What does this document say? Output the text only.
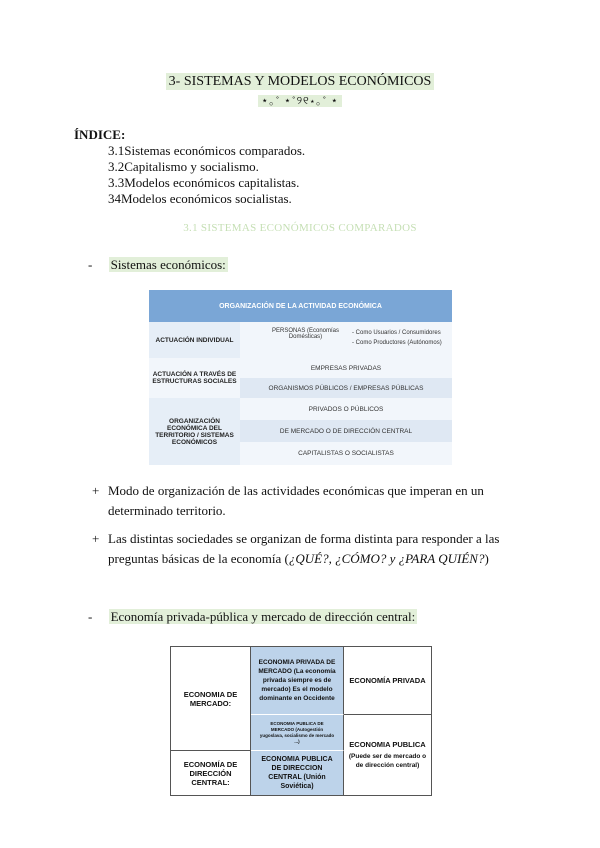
3- SISTEMAS Y MODELOS ECONÓMICOS
⋆｡˚ ⋆˚୨୧⋆｡˚ ⋆
ÍNDICE:
3.1Sistemas económicos comparados.
3.2Capitalismo y socialismo.
3.3Modelos económicos capitalistas.
34Modelos económicos socialistas.
3.1 SISTEMAS ECONÓMICOS COMPARADOS
-     Sistemas económicos:
ORGANIZACIÓN DE LA ACTIVIDAD ECONÓMICA
ACTUACIÓN INDIVIDUAL
PERSONAS (Economías Domésticas)
- Como Usuarios / Consumidores
- Como Productores (Autónomos)
ACTUACIÓN A TRAVÉS DE ESTRUCTURAS SOCIALES
EMPRESAS PRIVADAS
ORGANISMOS PÚBLICOS / EMPRESAS PÚBLICAS
ORGANIZACIÓN ECONÓMICA DEL TERRITORIO / SISTEMAS ECONÓMICOS
PRIVADOS O PÚBLICOS
DE MERCADO O DE DIRECCIÓN CENTRAL
CAPITALISTAS O SOCIALISTAS
+ Modo de organización de las actividades económicas que imperan en un determinado territorio.
+ Las distintas sociedades se organizan de forma distinta para responder a las preguntas básicas de la economía (¿QUÉ?, ¿CÓMO? y ¿PARA QUIÉN?)
-     Economía privada-pública y mercado de dirección central:
ECONOMIA DE MERCADO:
ECONOMÍA DE DIRECCIÓN CENTRAL:
ECONOMIA PRIVADA DE MERCADO (La economía privada siempre es de mercado) Es el modelo dominante en Occidente
ECONOMIA PUBLICA DE MERCADO (Autogestión yugoslava, socialismo de mercado ...)
ECONOMIA PUBLICA DE DIRECCION CENTRAL (Unión Soviética)
ECONOMÍA PRIVADA
ECONOMIA PUBLICA
(Puede ser de mercado o de dirección central)
